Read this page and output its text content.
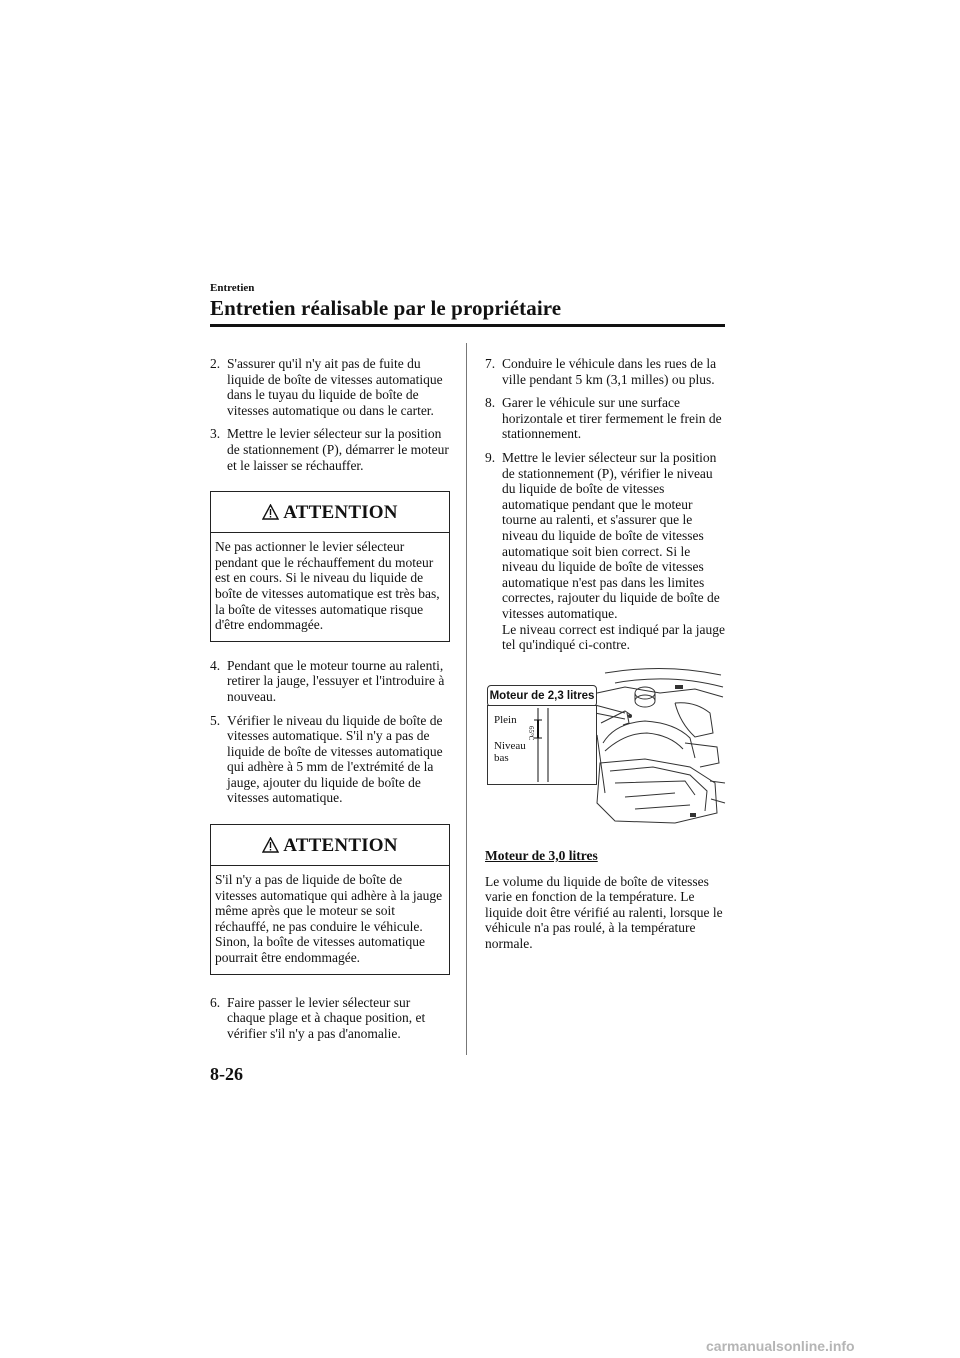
Entretien
Entretien réalisable par le propriétaire
2. S'assurer qu'il n'y ait pas de fuite du liquide de boîte de vitesses automatique dans le tuyau du liquide de boîte de vitesses automatique ou dans le carter.
3. Mettre le levier sélecteur sur la position de stationnement (P), démarrer le moteur et le laisser se réchauffer.
ATTENTION
Ne pas actionner le levier sélecteur pendant que le réchauffement du moteur est en cours. Si le niveau du liquide de boîte de vitesses automatique est très bas, la boîte de vitesses automatique risque d'être endommagée.
4. Pendant que le moteur tourne au ralenti, retirer la jauge, l'essuyer et l'introduire à nouveau.
5. Vérifier le niveau du liquide de boîte de vitesses automatique. S'il n'y a pas de liquide de boîte de vitesses automatique qui adhère à 5 mm de l'extrémité de la jauge, ajouter du liquide de boîte de vitesses automatique.
ATTENTION
S'il n'y a pas de liquide de boîte de vitesses automatique qui adhère à la jauge même après que le moteur se soit réchauffé, ne pas conduire le véhicule. Sinon, la boîte de vitesses automatique pourrait être endommagée.
6. Faire passer le levier sélecteur sur chaque plage et à chaque position, et vérifier s'il n'y a pas d'anomalie.
7. Conduire le véhicule dans les rues de la ville pendant 5 km (3,1 milles) ou plus.
8. Garer le véhicule sur une surface horizontale et tirer fermement le frein de stationnement.
9. Mettre le levier sélecteur sur la position de stationnement (P), vérifier le niveau du liquide de boîte de vitesses automatique pendant que le moteur tourne au ralenti, et s'assurer que le niveau du liquide de boîte de vitesses automatique soit bien correct. Si le niveau du liquide de boîte de vitesses automatique n'est pas dans les limites correctes, rajouter du liquide de boîte de vitesses automatique.
Le niveau correct est indiqué par la jauge tel qu'indiqué ci-contre.
Moteur de 2,3 litres
Plein
Niveau
bas
65°C
Moteur de 3,0 litres
Le volume du liquide de boîte de vitesses varie en fonction de la température. Le liquide doit être vérifié au ralenti, lorsque le véhicule n'a pas roulé, à la température normale.
8-26
carmanualsonline.info
